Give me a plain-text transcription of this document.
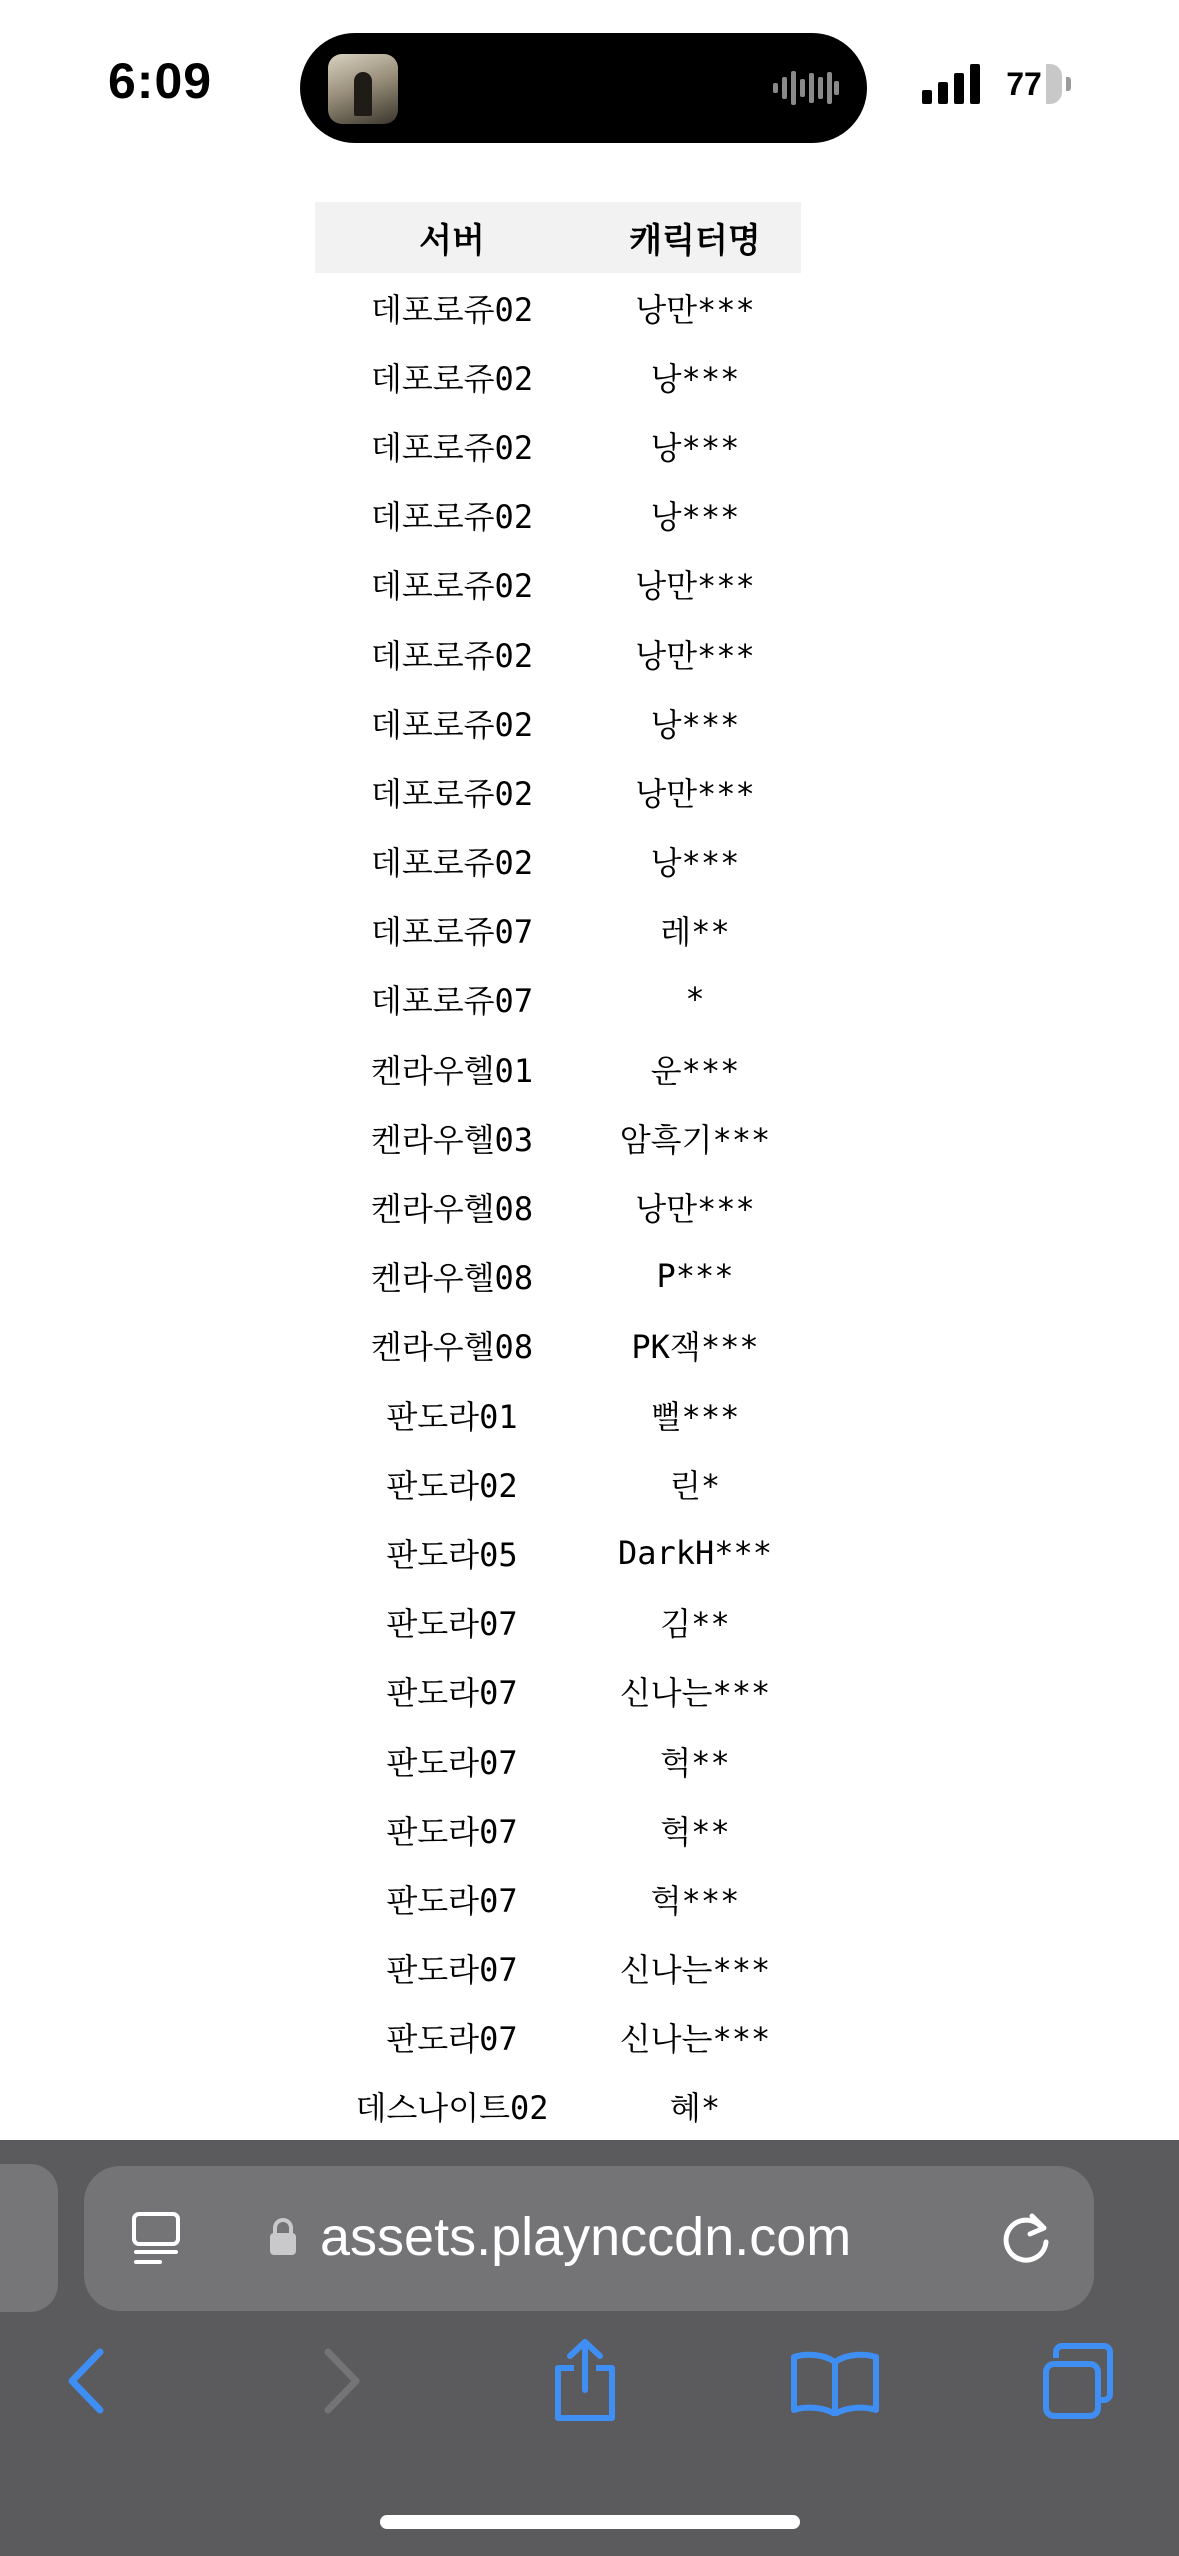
6:09	77
서버	캐릭터명
데포로쥬02	낭만***
데포로쥬02	낭***
데포로쥬02	낭***
데포로쥬02	낭***
데포로쥬02	낭만***
데포로쥬02	낭만***
데포로쥬02	낭***
데포로쥬02	낭만***
데포로쥬02	낭***
데포로쥬07	레**
데포로쥬07	*
켄라우헬01	운***
켄라우헬03	암흑기***
켄라우헬08	낭만***
켄라우헬08	P***
켄라우헬08	PK잭***
판도라01	뻘***
판도라02	린*
판도라05	DarkH***
판도라07	김**
판도라07	신나는***
판도라07	헉**
판도라07	헉**
판도라07	헉***
판도라07	신나는***
판도라07	신나는***
데스나이트02	혜*
assets.playnccdn.com
